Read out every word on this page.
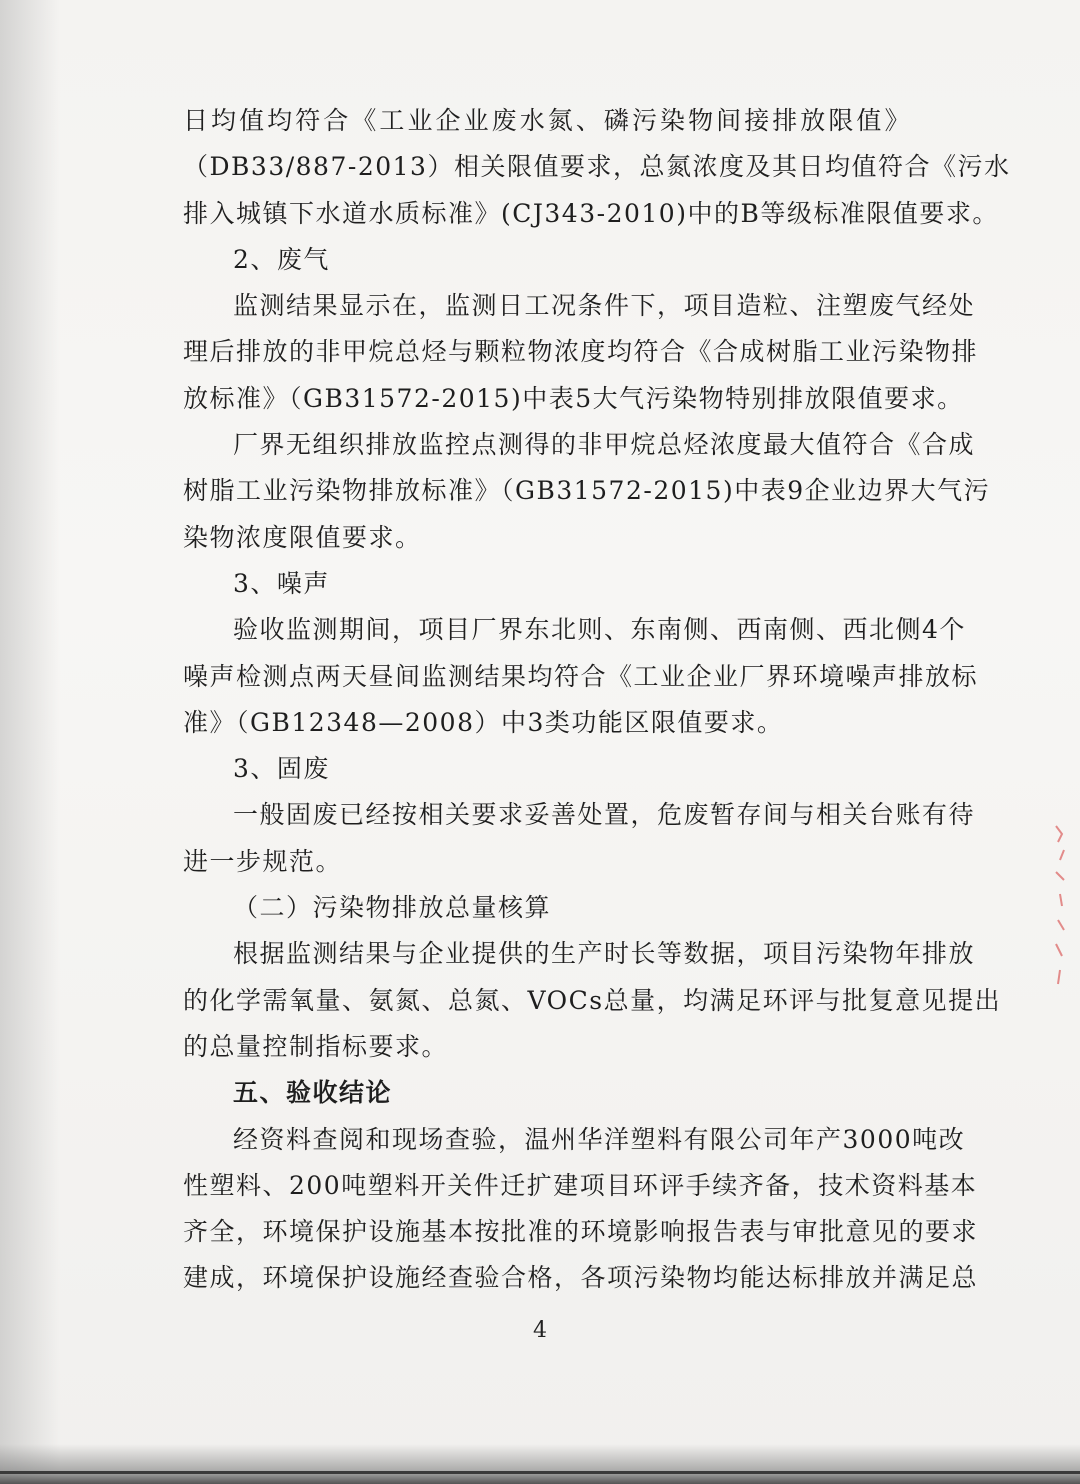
日均值均符合《工业企业废水氮、磷污染物间接排放限值》
（DB33/887-2013）相关限值要求，总氮浓度及其日均值符合《污水
排入城镇下水道水质标准》(CJ343-2010)中的B等级标准限值要求。
2、废气
监测结果显示在，监测日工况条件下，项目造粒、注塑废气经处
理后排放的非甲烷总烃与颗粒物浓度均符合《合成树脂工业污染物排
放标准》（GB31572-2015)中表5大气污染物特别排放限值要求。
厂界无组织排放监控点测得的非甲烷总烃浓度最大值符合《合成
树脂工业污染物排放标准》（GB31572-2015)中表9企业边界大气污
染物浓度限值要求。
3、噪声
验收监测期间，项目厂界东北则、东南侧、西南侧、西北侧4个
噪声检测点两天昼间监测结果均符合《工业企业厂界环境噪声排放标
准》（GB12348—2008）中3类功能区限值要求。
3、固废
一般固废已经按相关要求妥善处置，危废暂存间与相关台账有待
进一步规范。
（二）污染物排放总量核算
根据监测结果与企业提供的生产时长等数据，项目污染物年排放
的化学需氧量、氨氮、总氮、VOCs总量，均满足环评与批复意见提出
的总量控制指标要求。
五、验收结论
经资料查阅和现场查验，温州华洋塑料有限公司年产3000吨改
性塑料、200吨塑料开关件迁扩建项目环评手续齐备，技术资料基本
齐全，环境保护设施基本按批准的环境影响报告表与审批意见的要求
建成，环境保护设施经查验合格，各项污染物均能达标排放并满足总
4
